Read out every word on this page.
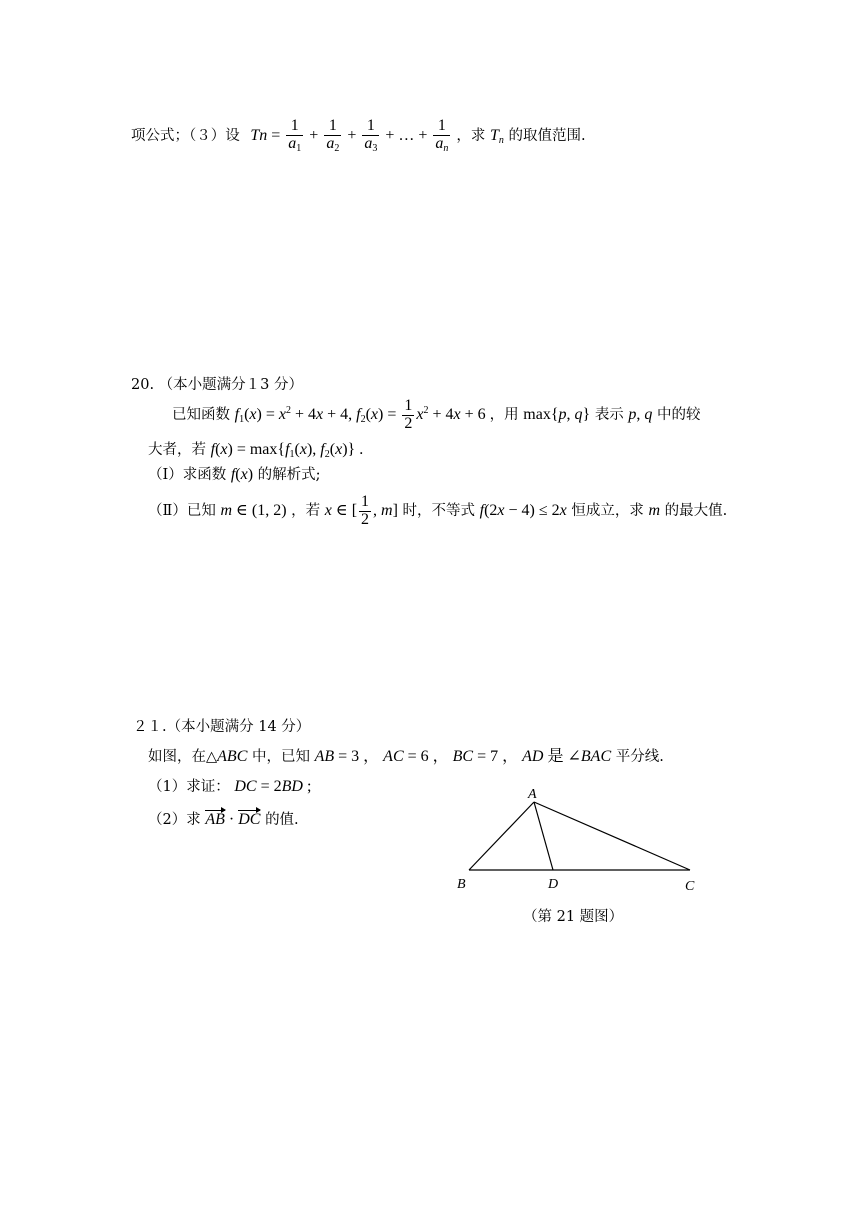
项公式；（３）设 $Tn = \frac{1}{a_1} + \frac{1}{a_2} + \frac{1}{a_3}$ + … + $\frac{1}{a_n}$ ，求 $T_n$ 的取值范围.
20. （本小题满分１3 分）
已知函数 $f_1(x) = x^2 + 4x + 4$, $f_2(x) = \frac{1}{2} x^2 + 4x + 6$ ，用 max{p, q} 表示 p, q 中的较
大者，若 $f(x) = \max\{f_1(x)$, $f_2(x)$} .
（Ⅰ）求函数 f(x) 的解析式;
（Ⅱ）已知 m ∈ (1, 2) ，若 x ∈ [ $\frac{1}{2}$ , m] 时，不等式 f(2x − 4) ≤ 2x 恒成立，求 m 的最大值.
２１.（本小题满分 14 分）
如图，在△ABC 中，已知 AB = 3 ， AC = 6 ， BC = 7 ， AD 是 ∠BAC 平分线.
（1）求证： DC = 2BD ;
（2）求 AB · DC 的值.
A
B	D	C
（第 21 题图）
